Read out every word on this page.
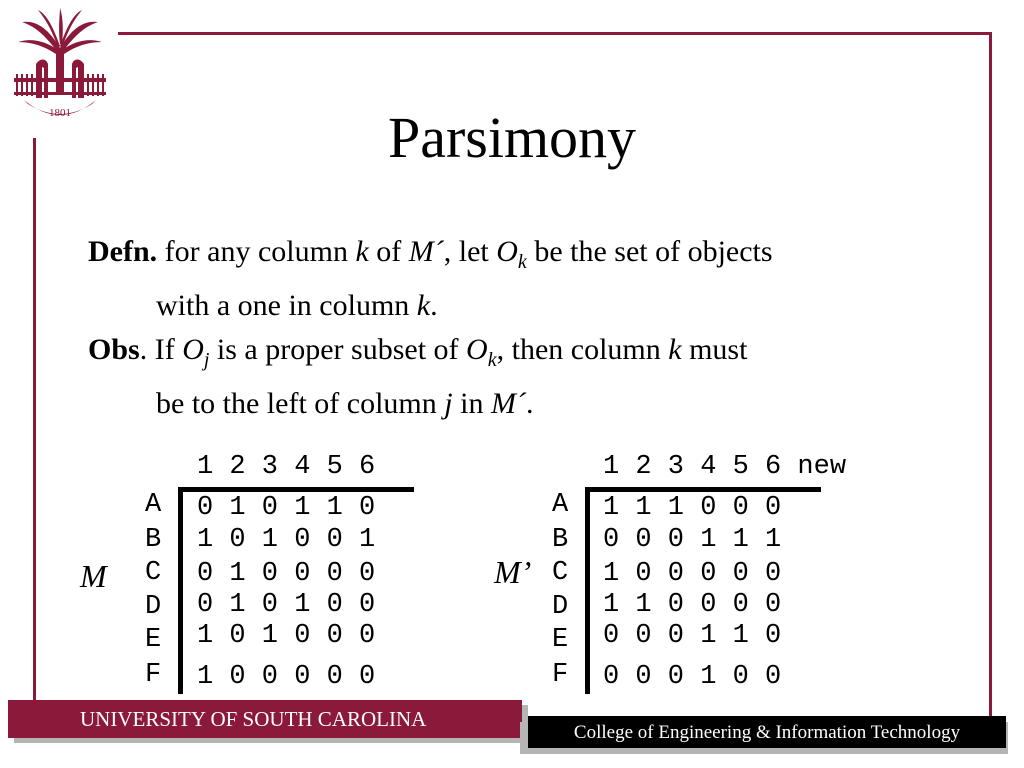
1801	Parsimony
Defn. for any column k of M´, let $O_k$ be the set of objects
with a one in column k.
Obs. If $O_j$ is a proper subset of $O_k$, then column k must
be to the left of column j in M´.
1 2 3 4 5 6
M
A
B
C
D
E
F
0 1 0 1 1 0
1 0 1 0 0 1
0 1 0 0 0 0
0 1 0 1 0 0
1 0 1 0 0 0
1 0 0 0 0 0
1 2 3 4 5 6 new
M’
A
B
C
D
E
F
1 1 1 0 0 0
0 0 0 1 1 1
1 0 0 0 0 0
1 1 0 0 0 0
0 0 0 1 1 0
0 0 0 1 0 0
UNIVERSITY OF SOUTH CAROLINA
College of Engineering & Information Technology
